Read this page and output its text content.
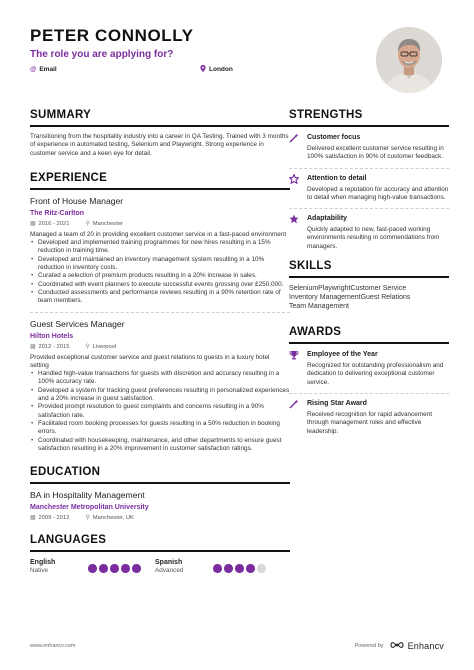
PETER CONNOLLY
The role you are applying for?
@ Email	London
SUMMARY
Transitioning from the hospitality industry into a career in QA Testing. Trained with 3 months of experience in automated testing, Selenium and Playwright. Strong experience in customer service and a keen eye for detail.
EXPERIENCE
Front of House Manager
The Ritz-Carlton
▦ 2016 - 2021	⚲ Manchester
Managed a team of 20 in providing excellent customer service in a fast-paced environment
• Developed and implemented training programmes for new hires resulting in a 15% reduction in training time.
• Developed and maintained an inventory management system resulting in a 10% reduction in inventory costs.
• Curated a selection of premium products resulting in a 20% increase in sales.
• Coordinated with event planners to execute successful events grossing over £250,000.
• Conducted assessments and performance reviews resulting in a 90% retention rate of team members.
Guest Services Manager
Hilton Hotels
▦ 2012 - 2015	⚲ Liverpool
Provided exceptional customer service and guest relations to guests in a luxury hotel setting
• Handled high-value transactions for guests with discretion and accuracy resulting in a 100% accuracy rate.
• Developed a system for tracking guest preferences resulting in personalized experiences and a 20% increase in guest satisfaction.
• Provided prompt resolution to guest complaints and concerns resulting in a 90% satisfaction rate.
• Facilitated room booking processes for guests resulting in a 50% reduction in booking errors.
• Coordinated with housekeeping, maintenance, and other departments to ensure guest satisfaction resulting in a 20% improvement in customer satisfaction ratings.
EDUCATION
BA in Hospitality Management
Manchester Metropolitan University
▦ 2009 - 2012	⚲ Manchester, UK
LANGUAGES
English
Native
Spanish
Advanced
STRENGTHS
Customer focus
Delivered excellent customer service resulting in 100% satisfaction in 90% of customer feedback.
Attention to detail
Developed a reputation for accuracy and attention to detail when managing high-value transactions.
Adaptability
Quickly adapted to new, fast-paced working environments resulting in commendations from managers.
SKILLS
SeleniumPlaywrightCustomer Service
Inventory ManagementGuest Relations
Team Management
AWARDS
Employee of the Year
Recognized for outstanding professionalism and dedication to delivering exceptional customer service.
Rising Star Award
Received recognition for rapid advancement through management roles and effective leadership.
www.enhancv.com	Powered by	Enhancv
